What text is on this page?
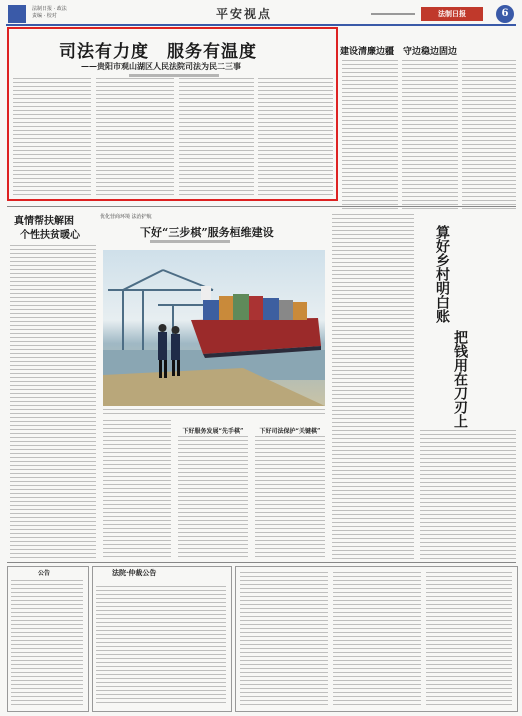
法制日报 · 政法
责编 · 校对	平安视点	法制日报	6
司法有力度　服务有温度
——贵阳市观山湖区人民法院司法为民二三事
建设清廉边疆　守边稳边固边
真情帮扶解困
个性扶贫暖心
优化营商环境 法治护航
下好“三步棋”服务桓维建设
下好服务发展“先手棋”	下好司法保护“关键棋”
算好乡村明白账
把钱用在刀刃上
公告	法院·仲裁公告
